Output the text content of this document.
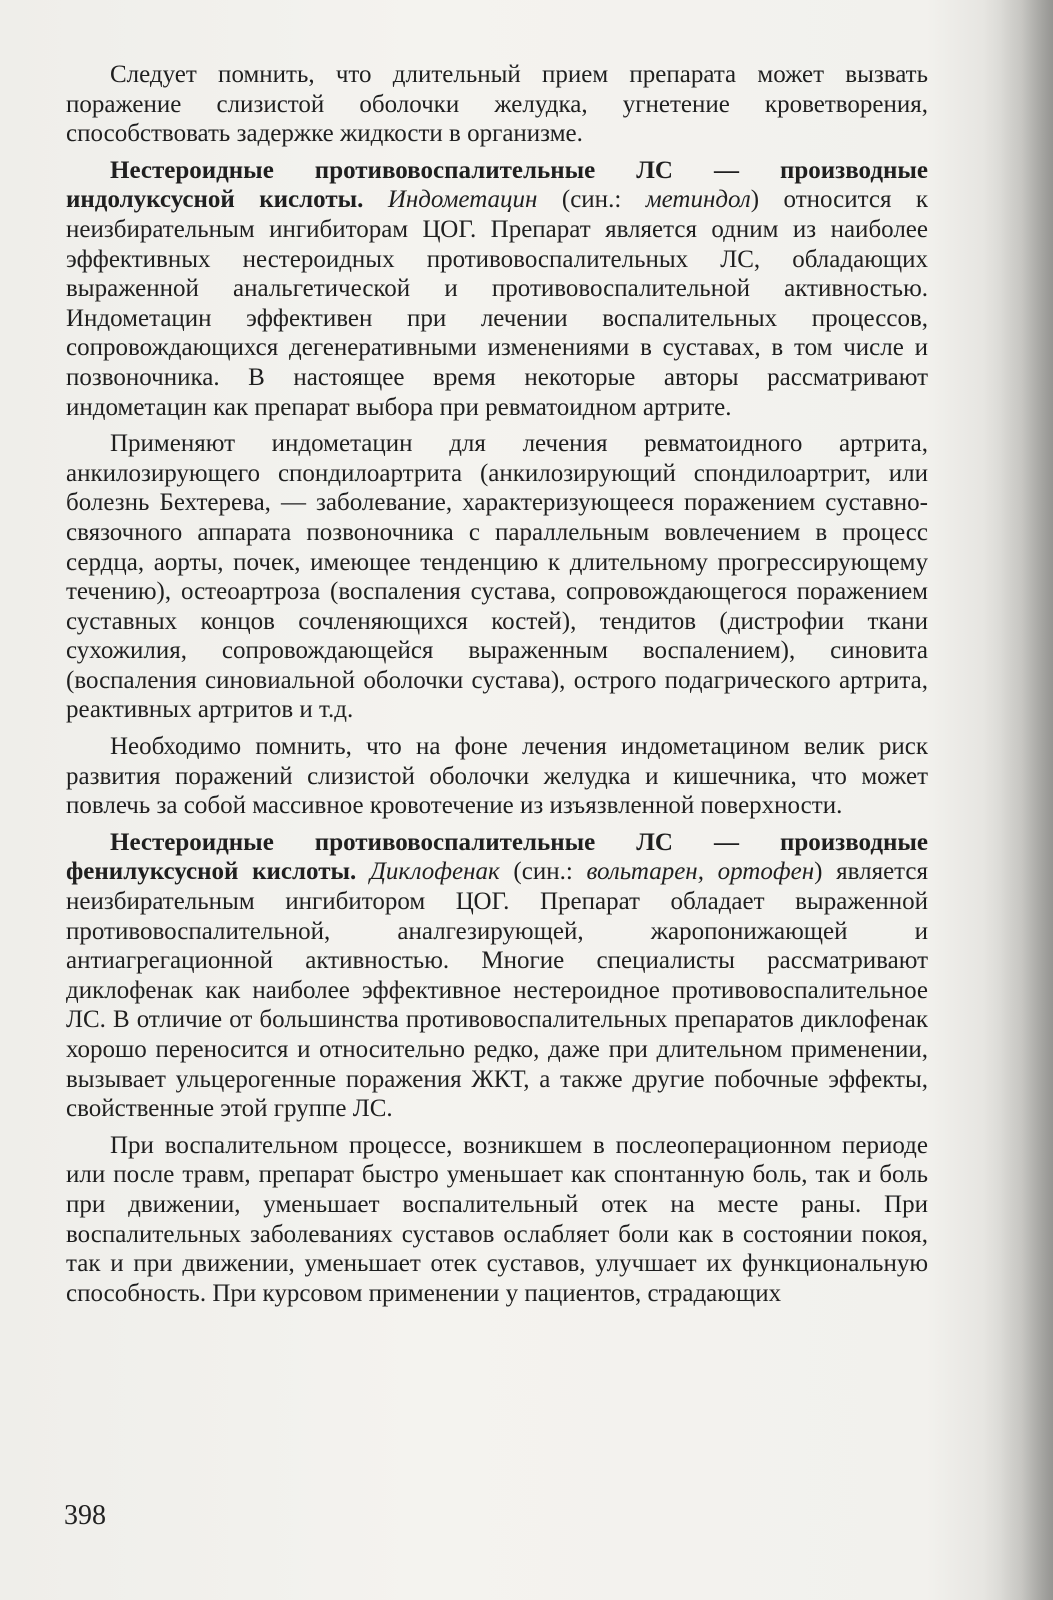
Следует помнить, что длительный прием препарата может вызвать поражение слизистой оболочки желудка, угнетение кроветворения, способствовать задержке жидкости в организме.

Нестероидные противовоспалительные ЛС — производные индолуксусной кислоты. Индометацин (син.: метиндол) относится к неизбирательным ингибиторам ЦОГ. Препарат является одним из наиболее эффективных нестероидных противовоспалительных ЛС, обладающих выраженной анальгетической и противовоспалительной активностью. Индометацин эффективен при лечении воспалительных процессов, сопровождающихся дегенеративными изменениями в суставах, в том числе и позвоночника. В настоящее время некоторые авторы рассматривают индометацин как препарат выбора при ревматоидном артрите.

Применяют индометацин для лечения ревматоидного артрита, анкилозирующего спондилоартрита (анкилозирующий спондилоартрит, или болезнь Бехтерева, — заболевание, характеризующееся поражением суставно-связочного аппарата позвоночника с параллельным вовлечением в процесс сердца, аорты, почек, имеющее тенденцию к длительному прогрессирующему течению), остеоартроза (воспаления сустава, сопровождающегося поражением суставных концов сочленяющихся костей), тендитов (дистрофии ткани сухожилия, сопровождающейся выраженным воспалением), синовита (воспаления синовиальной оболочки сустава), острого подагрического артрита, реактивных артритов и т.д.

Необходимо помнить, что на фоне лечения индометацином велик риск развития поражений слизистой оболочки желудка и кишечника, что может повлечь за собой массивное кровотечение из изъязвленной поверхности.

Нестероидные противовоспалительные ЛС — производные фенилуксусной кислоты. Диклофенак (син.: вольтарен, ортофен) является неизбирательным ингибитором ЦОГ. Препарат обладает выраженной противовоспалительной, аналгезирующей, жаропонижающей и антиагрегационной активностью. Многие специалисты рассматривают диклофенак как наиболее эффективное нестероидное противовоспалительное ЛС. В отличие от большинства противовоспалительных препаратов диклофенак хорошо переносится и относительно редко, даже при длительном применении, вызывает ульцерогенные поражения ЖКТ, а также другие побочные эффекты, свойственные этой группе ЛС.

При воспалительном процессе, возникшем в послеоперационном периоде или после травм, препарат быстро уменьшает как спонтанную боль, так и боль при движении, уменьшает воспалительный отек на месте раны. При воспалительных заболеваниях суставов ослабляет боли как в состоянии покоя, так и при движении, уменьшает отек суставов, улучшает их функциональную способность. При курсовом применении у пациентов, страдающих

398
